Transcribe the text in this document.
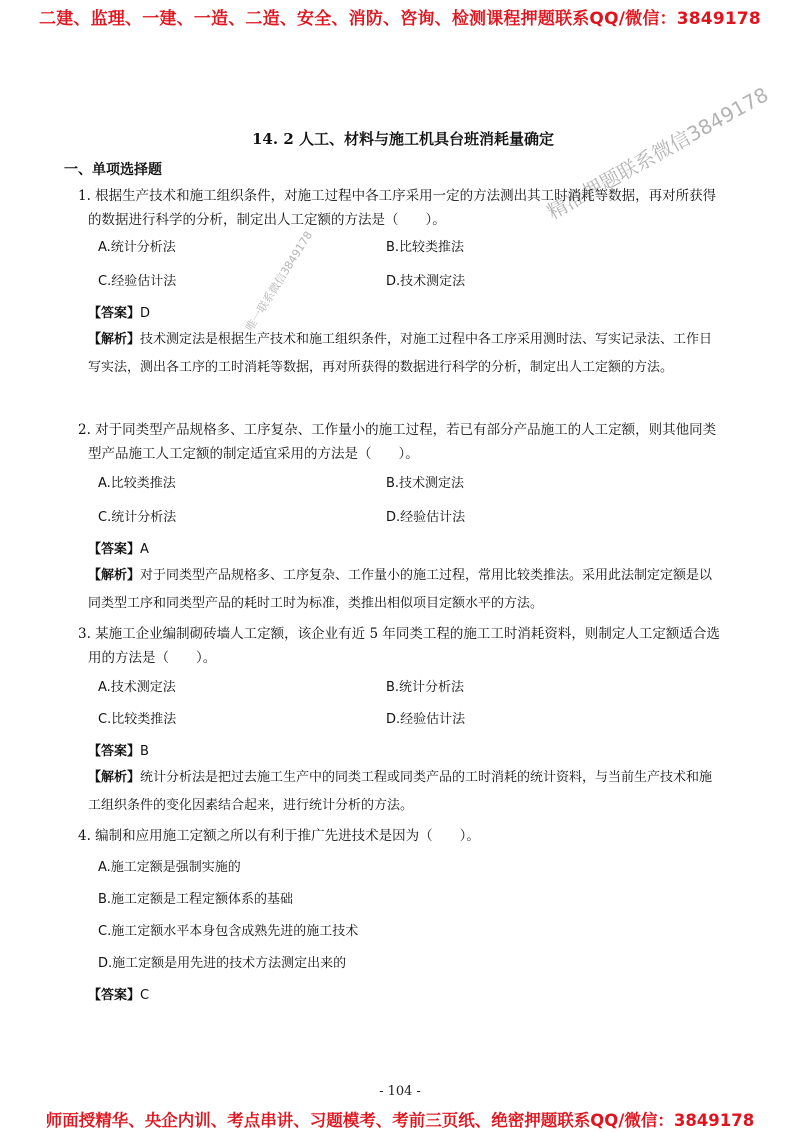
二建、监理、一建、一造、二造、安全、消防、咨询、检测课程押题联系QQ/微信：3849178
精准押题联系微信3849178
唯一联系微信3849178
14. 2 人工、材料与施工机具台班消耗量确定
一、单项选择题

1. 根据生产技术和施工组织条件，对施工过程中各工序采用一定的方法测出其工时消耗等数据，再对所获得的数据进行科学的分析，制定出人工定额的方法是（　　）。

A.统计分析法	B.比较类推法
C.经验估计法	D.技术测定法
【答案】D
【解析】技术测定法是根据生产技术和施工组织条件，对施工过程中各工序采用测时法、写实记录法、工作日写实法，测出各工序的工时消耗等数据，再对所获得的数据进行科学的分析，制定出人工定额的方法。

2. 对于同类型产品规格多、工序复杂、工作量小的施工过程，若已有部分产品施工的人工定额，则其他同类型产品施工人工定额的制定适宜采用的方法是（　　）。

A.比较类推法	B.技术测定法
C.统计分析法	D.经验估计法
【答案】A
【解析】对于同类型产品规格多、工序复杂、工作量小的施工过程，常用比较类推法。采用此法制定定额是以同类型工序和同类型产品的耗时工时为标准，类推出相似项目定额水平的方法。

3. 某施工企业编制砌砖墙人工定额，该企业有近 5 年同类工程的施工工时消耗资料，则制定人工定额适合选用的方法是（　　）。

A.技术测定法	B.统计分析法
C.比较类推法	D.经验估计法
【答案】B
【解析】统计分析法是把过去施工生产中的同类工程或同类产品的工时消耗的统计资料，与当前生产技术和施工组织条件的变化因素结合起来，进行统计分析的方法。

4. 编制和应用施工定额之所以有利于推广先进技术是因为（　　）。

A.施工定额是强制实施的
B.施工定额是工程定额体系的基础
C.施工定额水平本身包含成熟先进的施工技术
D.施工定额是用先进的技术方法测定出来的
【答案】C
- 104 -
师面授精华、央企内训、考点串讲、习题模考、考前三页纸、绝密押题联系QQ/微信：3849178
